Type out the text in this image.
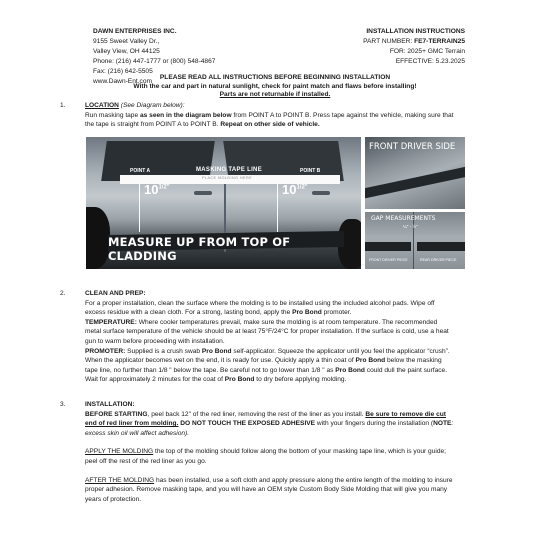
DAWN ENTERPRISES INC.
9155 Sweet Valley Dr.,
Valley View, OH 44125
Phone: (216) 447-1777 or (800) 548-4867
Fax: (216) 642-5505
www.Dawn-Ent.com
INSTALLATION INSTRUCTIONS
PART NUMBER: FE7-TERRAIN25
FOR: 2025+ GMC Terrain
EFFECTIVE: 5.23.2025
PLEASE READ ALL INSTRUCTIONS BEFORE BEGINNING INSTALLATION
With the car and part in natural sunlight, check for paint match and flaws before installing!
Parts are not returnable if installed.
1.	LOCATION (See Diagram below):

Run masking tape as seen in the diagram below from POINT A to POINT B. Press tape against the vehicle, making sure that the tape is straight from POINT A to POINT B. Repeat on other side of vehicle.

MASKING TAPE LINE
PLACE MOLDING HERE
POINT A	POINT B
$10^{1/2"}$	$10^{1/2"}$
MEASURE UP FROM TOP OF CLADDING
FRONT DRIVER SIDE
GAP MEASUREMENTS
¼" - ½"
FRONT DRIVER PIECE	REAR DRIVER PIECE
2.	CLEAN AND PREP:

For a proper installation, clean the surface where the molding is to be installed using the included alcohol pads. Wipe off excess residue with a clean cloth. For a strong, lasting bond, apply the Pro Bond promoter.

TEMPERATURE: Where cooler temperatures prevail, make sure the molding is at room temperature. The recommended metal surface temperature of the vehicle should be at least 75°F/24°C for proper installation. If the surface is cold, use a heat gun to warm before proceeding with installation.

PROMOTER: Supplied is a crush swab Pro Bond self-applicator. Squeeze the applicator until you feel the applicator “crush”. When the applicator becomes wet on the end, it is ready for use. Quickly apply a thin coat of Pro Bond below the masking tape line, no further than 1/8 " below the tape. Be careful not to go lower than 1/8 " as Pro Bond could dull the paint surface. Wait for approximately 2 minutes for the coat of Pro Bond to dry before applying molding.

3.	INSTALLATION:

BEFORE STARTING, peel back 12" of the red liner, removing the rest of the liner as you install. Be sure to remove die cut end of red liner from molding. DO NOT TOUCH THE EXPOSED ADHESIVE with your fingers during the installation (NOTE: excess skin oil will affect adhesion).

APPLY THE MOLDING the top of the molding should follow along the bottom of your masking tape line, which is your guide; peel off the rest of the red liner as you go.

AFTER THE MOLDING has been installed, use a soft cloth and apply pressure along the entire length of the molding to insure proper adhesion. Remove masking tape, and you will have an OEM style Custom Body Side Molding that will give you many years of protection.
